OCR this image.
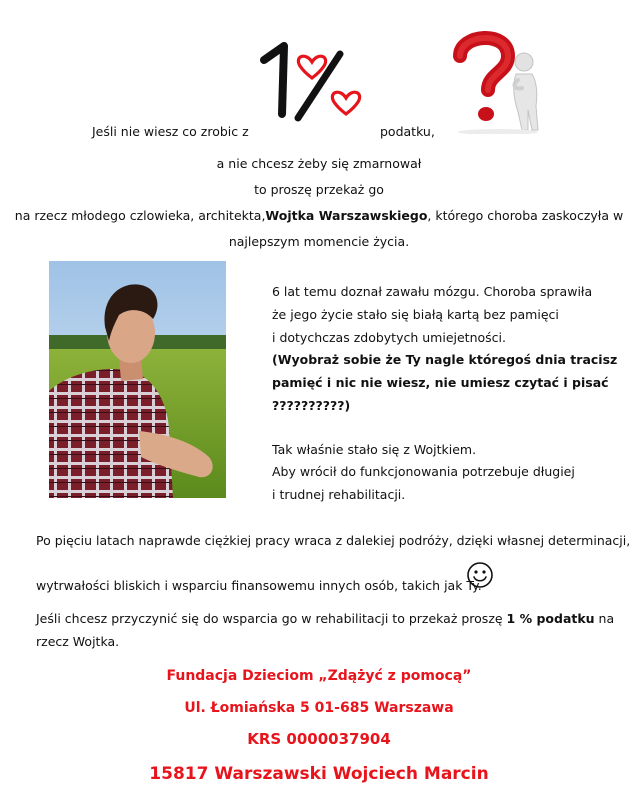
Jeśli nie wiesz co zrobic z	podatku,
a nie chcesz żeby się zmarnował
to proszę przekaż go
na rzecz młodego czlowieka, architekta,Wojtka Warszawskiego, którego choroba zaskoczyła w
najlepszym momencie życia.
6 lat temu doznał zawału mózgu. Choroba sprawiła
że jego życie stało się białą kartą bez pamięci
i dotychczas zdobytych umiejetności.
(Wyobraż sobie że Ty nagle któregoś dnia tracisz
pamięć i nic nie wiesz, nie umiesz czytać i pisać
??????????)
Tak właśnie stało się z Wojtkiem.
Aby wrócił do funkcjonowania potrzebuje długiej
i trudnej rehabilitacji.
Po pięciu latach naprawde ciężkiej pracy wraca z dalekiej podróży, dzięki własnej determinacji,
wytrwałości bliskich i wsparciu finansowemu innych osób, takich jak Ty.
Jeśli chcesz przyczynić się do wsparcia go w rehabilitacji to przekaż proszę 1 % podatku na
rzecz Wojtka.
Fundacja Dzieciom „Zdążyć z pomocą”
Ul. Łomiańska 5 01-685 Warszawa
KRS 0000037904
15817 Warszawski Wojciech Marcin
